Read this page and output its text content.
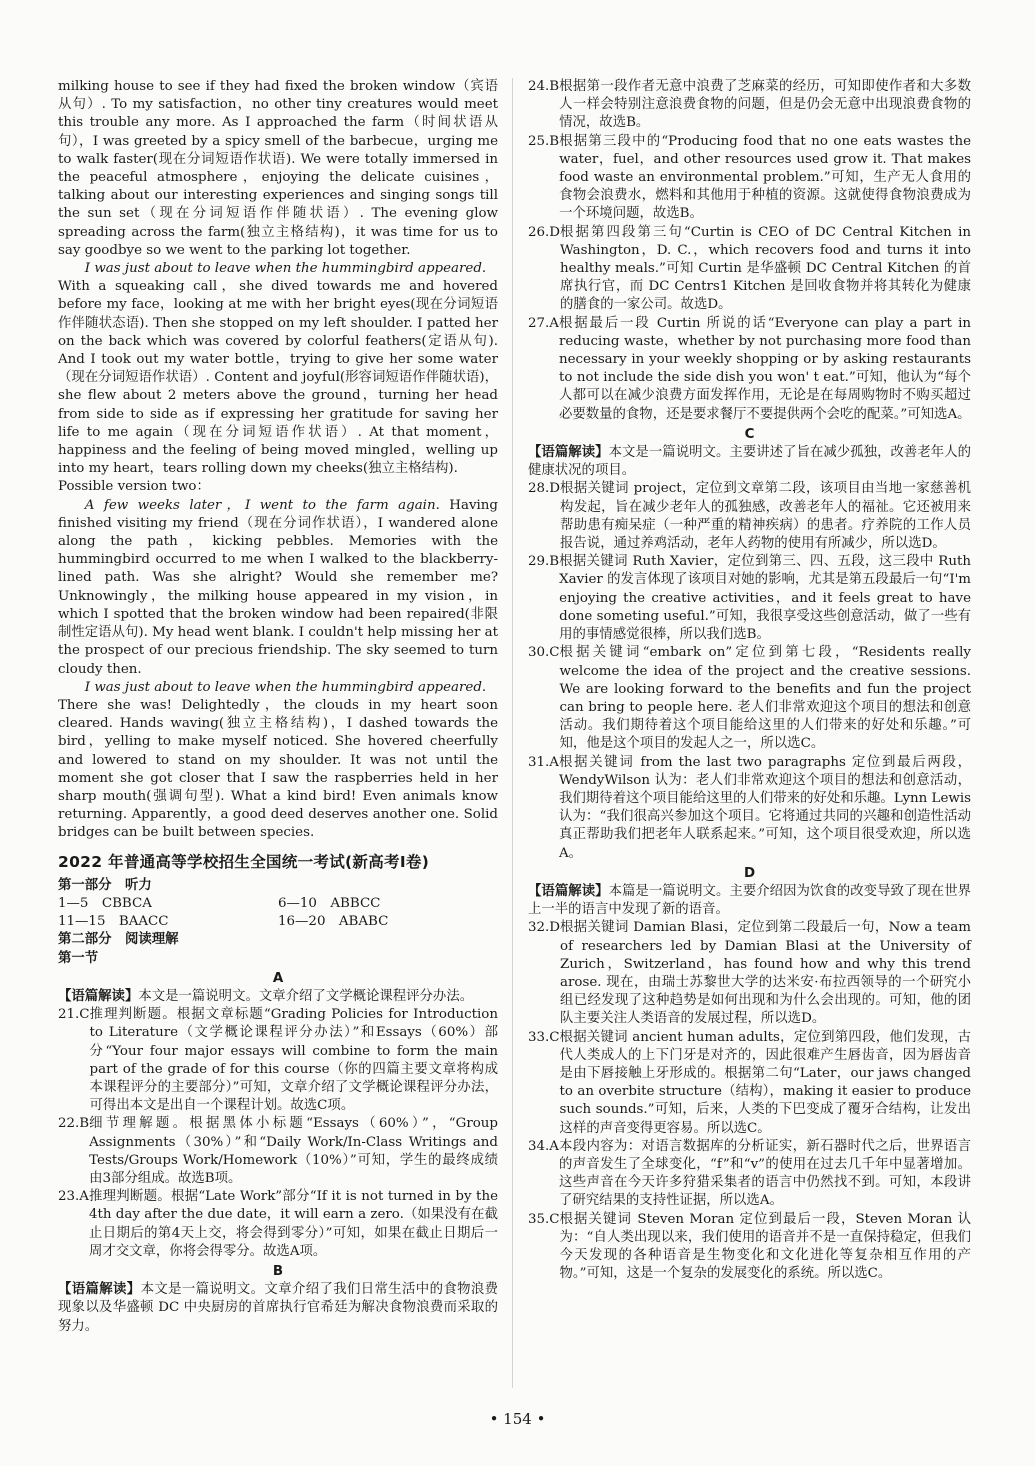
milking house to see if they had fixed the broken window（宾语从句）. To my satisfaction，no other tiny creatures would meet this trouble any more. As I approached the farm（时间状语从句），I was greeted by a spicy smell of the barbecue，urging me to walk faster(现在分词短语作状语). We were totally immersed in the peaceful atmosphere，enjoying the delicate cuisines，talking about our interesting experiences and singing songs till the sun set（现在分词短语作伴随状语）. The evening glow spreading across the farm(独立主格结构)，it was time for us to say goodbye so we went to the parking lot together.

I was just about to leave when the hummingbird appeared.

With a squeaking call，she dived towards me and hovered before my face，looking at me with her bright eyes(现在分词短语作伴随状态语). Then she stopped on my left shoulder. I patted her on the back which was covered by colorful feathers(定语从句). And I took out my water bottle，trying to give her some water（现在分词短语作状语）. Content and joyful(形容词短语作伴随状语)，she flew about 2 meters above the ground，turning her head from side to side as if expressing her gratitude for saving her life to me again（现在分词短语作状语）. At that moment，happiness and the feeling of being moved mingled，welling up into my heart，tears rolling down my cheeks(独立主格结构).

Possible version two：

A few weeks later，I went to the farm again.

Having finished visiting my friend（现在分词作状语），I wandered alone along the path，kicking pebbles. Memories with the hummingbird occurred to me when I walked to the blackberry-lined path. Was she alright? Would she remember me? Unknowingly，the milking house appeared in my vision，in which I spotted that the broken window had been repaired(非限制性定语从句). My head went blank. I couldn't help missing her at the prospect of our precious friendship. The sky seemed to turn cloudy then.

I was just about to leave when the hummingbird appeared.

There she was! Delightedly，the clouds in my heart soon cleared. Hands waving(独立主格结构)，I dashed towards the bird，yelling to make myself noticed. She hovered cheerfully and lowered to stand on my shoulder. It was not until the moment she got closer that I saw the raspberries held in her sharp mouth(强调句型). What a kind bird! Even animals know returning. Apparently，a good deed deserves another one. Solid bridges can be built between species.

2022 年普通高等学校招生全国统一考试(新高考Ⅰ卷)
第一部分　听力
1—5　CBBCA	6—10　ABBCC
11—15　BAACC	16—20　ABABC
第二部分　阅读理解
第一节
A

【语篇解读】本文是一篇说明文。文章介绍了文学概论课程评分办法。

21.C 推理判断题。根据文章标题“Grading Policies for Introduction to Literature（文学概论课程评分办法）”和Essays（60%）部分“Your four major essays will combine to form the main part of the grade of for this course（你的四篇主要文章将构成本课程评分的主要部分）”可知，文章介绍了文学概论课程评分办法，可得出本文是出自一个课程计划。故选C项。
22.B 细节理解题。根据黑体小标题“Essays（60%）”，“Group Assignments（30%）”和“Daily Work/In-Class Writings and Tests/Groups Work/Homework（10%）”可知，学生的最终成绩由3部分组成。故选B项。
23.A 推理判断题。根据“Late Work”部分“If it is not turned in by the 4th day after the due date，it will earn a zero.（如果没有在截止日期后的第4天上交，将会得到零分）”可知，如果在截止日期后一周才交文章，你将会得零分。故选A项。
B

【语篇解读】本文是一篇说明文。文章介绍了我们日常生活中的食物浪费现象以及华盛顿 DC 中央厨房的首席执行官希廷为解决食物浪费而采取的努力。

24.B 根据第一段作者无意中浪费了芝麻菜的经历，可知即使作者和大多数人一样会特别注意浪费食物的问题，但是仍会无意中出现浪费食物的情况，故选B。
25.B 根据第三段中的“Producing food that no one eats wastes the water，fuel，and other resources used grow it. That makes food waste an environmental problem.”可知，生产无人食用的食物会浪费水，燃料和其他用于种植的资源。这就使得食物浪费成为一个环境问题，故选B。
26.D 根据第四段第三句“Curtin is CEO of DC Central Kitchen in Washington，D. C.，which recovers food and turns it into healthy meals.”可知 Curtin 是华盛顿 DC Central Kitchen 的首席执行官，而 DC Centrs1 Kitchen 是回收食物并将其转化为健康的膳食的一家公司。故选D。
27.A 根据最后一段 Curtin 所说的话“Everyone can play a part in reducing waste，whether by not purchasing more food than necessary in your weekly shopping or by asking restaurants to not include the side dish you won' t eat.”可知，他认为“每个人都可以在减少浪费方面发挥作用，无论是在每周购物时不购买超过必要数量的食物，还是要求餐厅不要提供两个会吃的配菜。”可知选A。
C

【语篇解读】本文是一篇说明文。主要讲述了旨在减少孤独，改善老年人的健康状况的项目。

28.D 根据关键词 project，定位到文章第二段，该项目由当地一家慈善机构发起，旨在减少老年人的孤独感，改善老年人的福祉。它还被用来帮助患有痴呆症（一种严重的精神疾病）的患者。疗养院的工作人员报告说，通过养鸡活动，老年人药物的使用有所减少，所以选D。
29.B 根据关键词 Ruth Xavier，定位到第三、四、五段，这三段中 Ruth Xavier 的发言体现了该项目对她的影响，尤其是第五段最后一句“I'm enjoying the creative activities，and it feels great to have done someting useful.”可知，我很享受这些创意活动，做了一些有用的事情感觉很棒，所以我们选B。
30.C 根据关键词“embark on”定位到第七段，“Residents really welcome the idea of the project and the creative sessions. We are looking forward to the benefits and fun the project can bring to people here. 老人们非常欢迎这个项目的想法和创意活动。我们期待着这个项目能给这里的人们带来的好处和乐趣。”可知，他是这个项目的发起人之一，所以选C。
31.A 根据关键词 from the last two paragraphs 定位到最后两段，WendyWilson 认为：老人们非常欢迎这个项目的想法和创意活动，我们期待着这个项目能给这里的人们带来的好处和乐趣。Lynn Lewis 认为：“我们很高兴参加这个项目。它将通过共同的兴趣和创造性活动真正帮助我们把老年人联系起来。”可知，这个项目很受欢迎，所以选A。
D

【语篇解读】本篇是一篇说明文。主要介绍因为饮食的改变导致了现在世界上一半的语言中发现了新的语音。

32.D 根据关键词 Damian Blasi，定位到第二段最后一句，Now a team of researchers led by Damian Blasi at the University of Zurich，Switzerland，has found how and why this trend arose. 现在，由瑞士苏黎世大学的达米安·布拉西领导的一个研究小组已经发现了这种趋势是如何出现和为什么会出现的。可知，他的团队主要关注人类语音的发展过程，所以选D。
33.C 根据关键词 ancient human adults，定位到第四段，他们发现，古代人类成人的上下门牙是对齐的，因此很难产生唇齿音，因为唇齿音是由下唇接触上牙形成的。根据第二句“Later，our jaws changed to an overbite structure（结构），making it easier to produce such sounds.”可知，后来，人类的下巴变成了覆牙合结构，让发出这样的声音变得更容易。所以选C。
34.A 本段内容为：对语言数据库的分析证实，新石器时代之后，世界语言的声音发生了全球变化，“f”和“v”的使用在过去几千年中显著增加。这些声音在今天许多狩猎采集者的语言中仍然找不到。可知，本段讲了研究结果的支持性证据，所以选A。
35.C 根据关键词 Steven Moran 定位到最后一段，Steven Moran 认为：“自人类出现以来，我们使用的语音并不是一直保持稳定，但我们今天发现的各种语音是生物变化和文化进化等复杂相互作用的产物。”可知，这是一个复杂的发展变化的系统。所以选C。
• 154 •
